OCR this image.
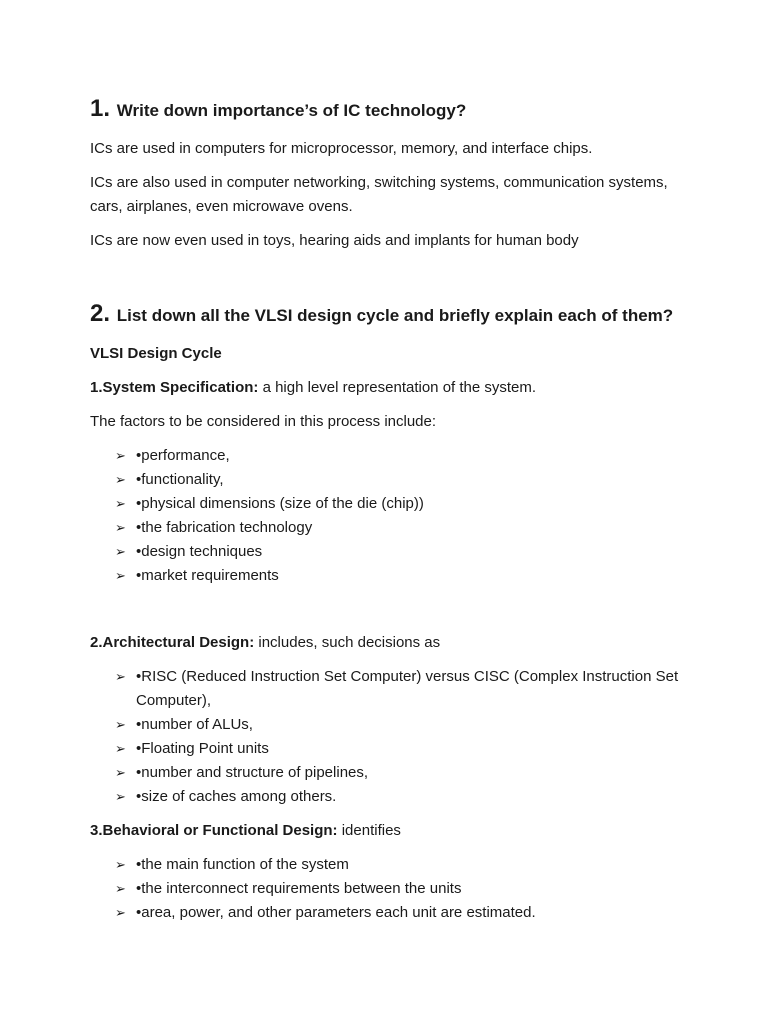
1. Write down importance’s of IC technology?

ICs are used in computers for microprocessor, memory, and interface chips.

ICs are also used in computer networking, switching systems, communication systems, cars, airplanes, even microwave ovens.

ICs are now even used in toys, hearing aids and implants for human body

2. List down all the VLSI design cycle and briefly explain each of them?

VLSI Design Cycle

1.System Specification: a high level representation of the system.

The factors to be considered in this process include:

➢ •performance,
➢ •functionality,
➢ •physical dimensions (size of the die (chip))
➢ •the fabrication technology
➢ •design techniques
➢ •market requirements

2.Architectural Design: includes, such decisions as

➢ •RISC (Reduced Instruction Set Computer) versus CISC (Complex Instruction Set Computer),
➢ •number of ALUs,
➢ •Floating Point units
➢ •number and structure of pipelines,
➢ •size of caches among others.

3.Behavioral or Functional Design: identifies

➢ •the main function of the system
➢ •the interconnect requirements between the units
➢ •area, power, and other parameters each unit are estimated.
